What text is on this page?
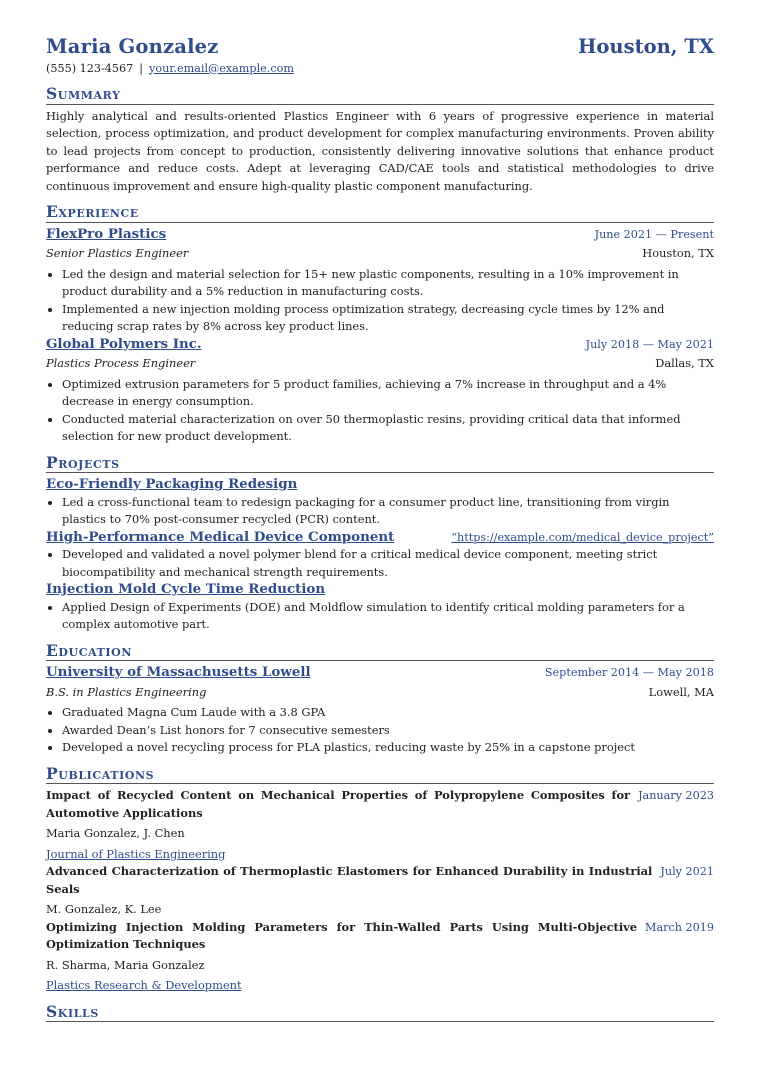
Maria Gonzalez	Houston, TX
(555) 123-4567 | your.email@example.com
Summary
Highly analytical and results-oriented Plastics Engineer with 6 years of progressive experience in material selection, process optimization, and product development for complex manufacturing environments. Proven ability to lead projects from concept to production, consistently delivering innovative solutions that enhance product performance and reduce costs. Adept at leveraging CAD/CAE tools and statistical methodologies to drive continuous improvement and ensure high-quality plastic component manufacturing.
Experience
FlexPro Plastics	June 2021 — Present
Senior Plastics Engineer	Houston, TX
• Led the design and material selection for 15+ new plastic components, resulting in a 10% improvement in product durability and a 5% reduction in manufacturing costs.
• Implemented a new injection molding process optimization strategy, decreasing cycle times by 12% and reducing scrap rates by 8% across key product lines.
Global Polymers Inc.	July 2018 — May 2021
Plastics Process Engineer	Dallas, TX
• Optimized extrusion parameters for 5 product families, achieving a 7% increase in throughput and a 4% decrease in energy consumption.
• Conducted material characterization on over 50 thermoplastic resins, providing critical data that informed selection for new product development.
Projects
Eco-Friendly Packaging Redesign
• Led a cross-functional team to redesign packaging for a consumer product line, transitioning from virgin plastics to 70% post-consumer recycled (PCR) content.
High-Performance Medical Device Component	“https://example.com/medical_device_project”
• Developed and validated a novel polymer blend for a critical medical device component, meeting strict biocompatibility and mechanical strength requirements.
Injection Mold Cycle Time Reduction
• Applied Design of Experiments (DOE) and Moldflow simulation to identify critical molding parameters for a complex automotive part.
Education
University of Massachusetts Lowell	September 2014 — May 2018
B.S. in Plastics Engineering	Lowell, MA
• Graduated Magna Cum Laude with a 3.8 GPA
• Awarded Dean’s List honors for 7 consecutive semesters
• Developed a novel recycling process for PLA plastics, reducing waste by 25% in a capstone project
Publications
Impact of Recycled Content on Mechanical Properties of Polypropylene Composites for Automotive Applications
January 2023
Maria Gonzalez, J. Chen
Journal of Plastics Engineering
Advanced Characterization of Thermoplastic Elastomers for Enhanced Durability in Industrial Seals
July 2021
M. Gonzalez, K. Lee
Optimizing Injection Molding Parameters for Thin-Walled Parts Using Multi-Objective Optimization Techniques
March 2019
R. Sharma, Maria Gonzalez
Plastics Research & Development
Skills
